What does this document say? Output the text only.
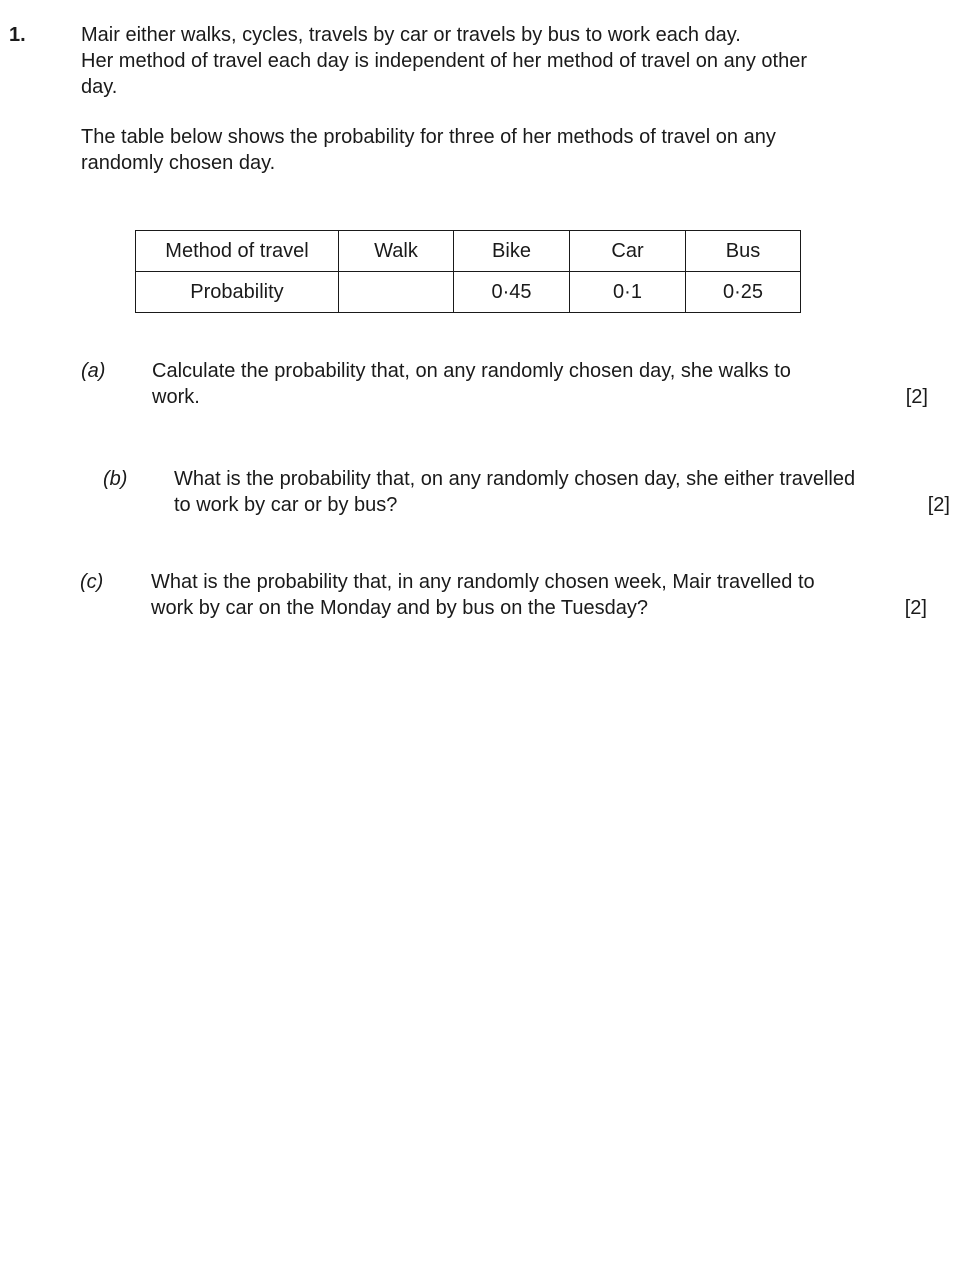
1.	Mair either walks, cycles, travels by car or travels by bus to work each day.

Her method of travel each day is independent of her method of travel on any other

day.

The table below shows the probability for three of her methods of travel on any

randomly chosen day.

Method of travel	Walk	Bike	Car	Bus
Probability		0·45	0·1	0·25
(a) Calculate the probability that, on any randomly chosen day, she walks to
work.	[2]
(b) What is the probability that, on any randomly chosen day, she either travelled
to work by car or by bus?	[2]
(c) What is the probability that, in any randomly chosen week, Mair travelled to
work by car on the Monday and by bus on the Tuesday?	[2]
